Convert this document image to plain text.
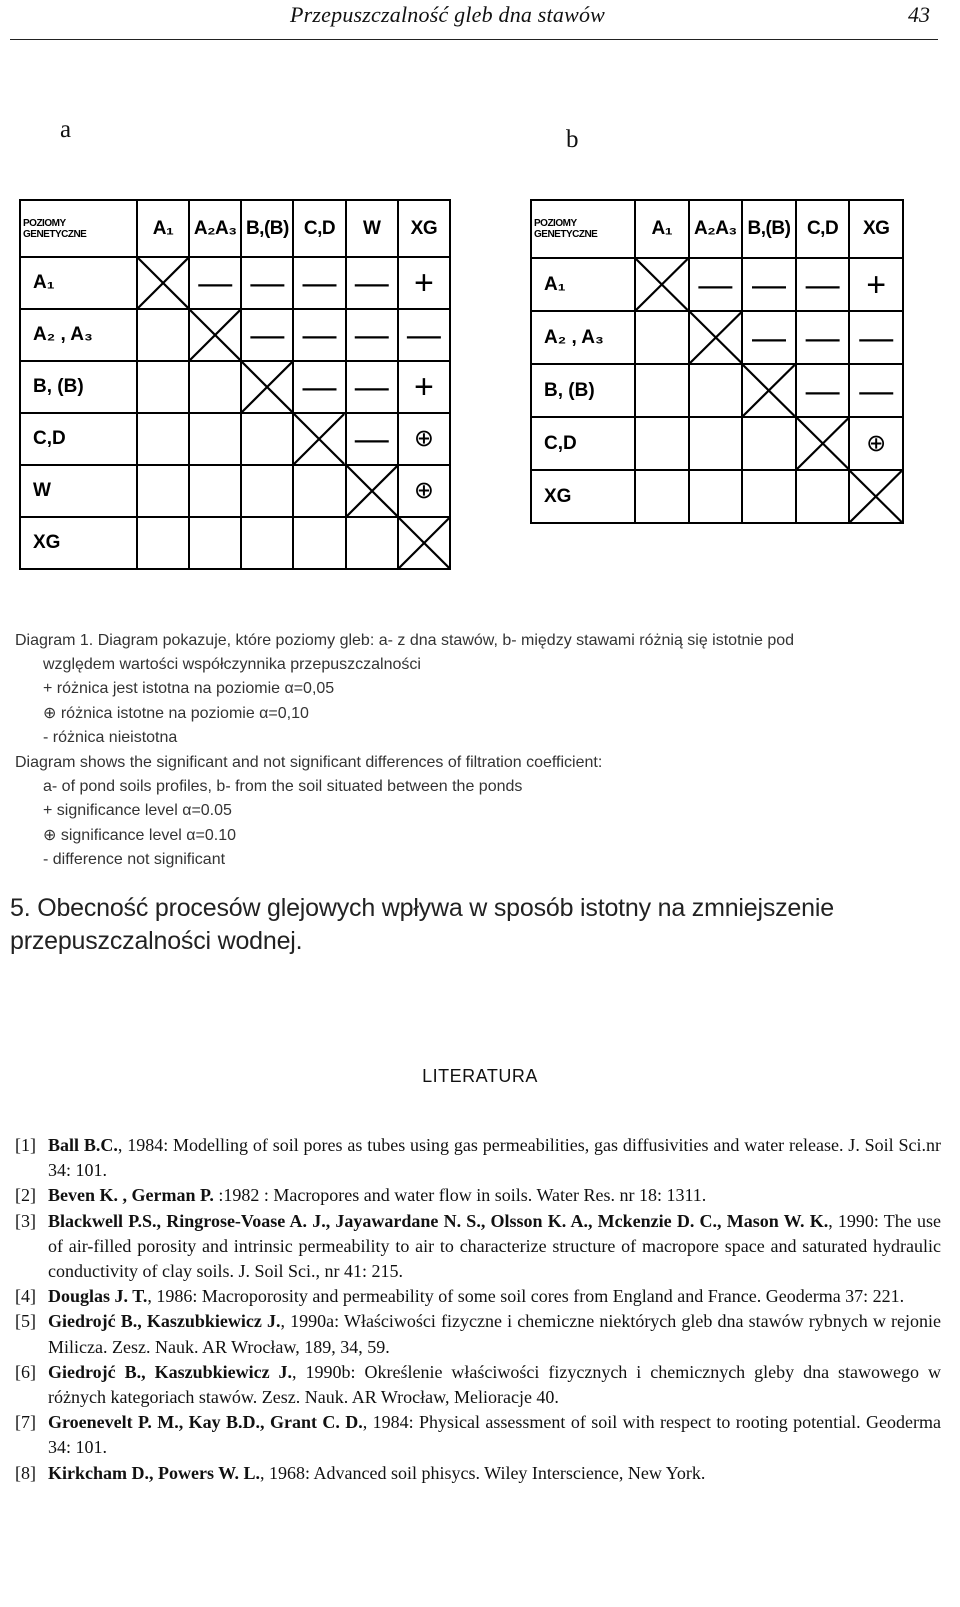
Przepuszczalność gleb dna stawów	43
a	b
POZIOMY
GENETYCZNE	A₁	A₂A₃	B,(B)	C,D	W	XG
A₁		—	—	—	—	+
A₂ , A₃			—	—	—	—
B, (B)				—	—	+
C,D					—	⊕
W						⊕
XG						
POZIOMY
GENETYCZNE	A₁	A₂A₃	B,(B)	C,D	XG
A₁		—	—	—	+
A₂ , A₃			—	—	—
B, (B)				—	—
C,D					⊕
XG					
Diagram 1. Diagram pokazuje, które poziomy gleb: a- z dna stawów, b- między stawami różnią się istotnie pod
względem wartości współczynnika przepuszczalności
+ różnica jest istotna na poziomie α=0,05
⊕ różnica istotne na poziomie α=0,10
- różnica nieistotna
Diagram shows the significant and not significant differences of filtration coefficient:
a- of pond soils profiles, b- from the soil situated between the ponds
+ significance level α=0.05
⊕ significance level α=0.10
- difference not significant
5. Obecność procesów glejowych wpływa w sposób istotny na zmniejszenie przepuszczalności wodnej.
LITERATURA
[1] Ball B.C., 1984: Modelling of soil pores as tubes using gas permeabilities, gas diffusivities and water release. J. Soil Sci.nr 34: 101.
[2] Beven K. , German P. :1982 : Macropores and water flow in soils. Water Res. nr 18: 1311.
[3] Blackwell P.S., Ringrose-Voase A. J., Jayawardane N. S., Olsson K. A., Mckenzie D. C., Mason W. K., 1990: The use of air-filled porosity and intrinsic permeability to air to characterize structure of macropore space and saturated hydraulic conductivity of clay soils. J. Soil Sci., nr 41: 215.
[4] Douglas J. T., 1986: Macroporosity and permeability of some soil cores from England and France. Geoderma 37: 221.
[5] Giedrojć B., Kaszubkiewicz J., 1990a: Właściwości fizyczne i chemiczne niektórych gleb dna stawów rybnych w rejonie Milicza. Zesz. Nauk. AR Wrocław, 189, 34, 59.
[6] Giedrojć B., Kaszubkiewicz J., 1990b: Określenie właściwości fizycznych i chemicznych gleby dna stawowego w różnych kategoriach stawów. Zesz. Nauk. AR Wrocław, Melioracje 40.
[7] Groenevelt P. M., Kay B.D., Grant C. D., 1984: Physical assessment of soil with respect to rooting potential. Geoderma 34: 101.
[8] Kirkcham D., Powers W. L., 1968: Advanced soil phisycs. Wiley Interscience, New York.
